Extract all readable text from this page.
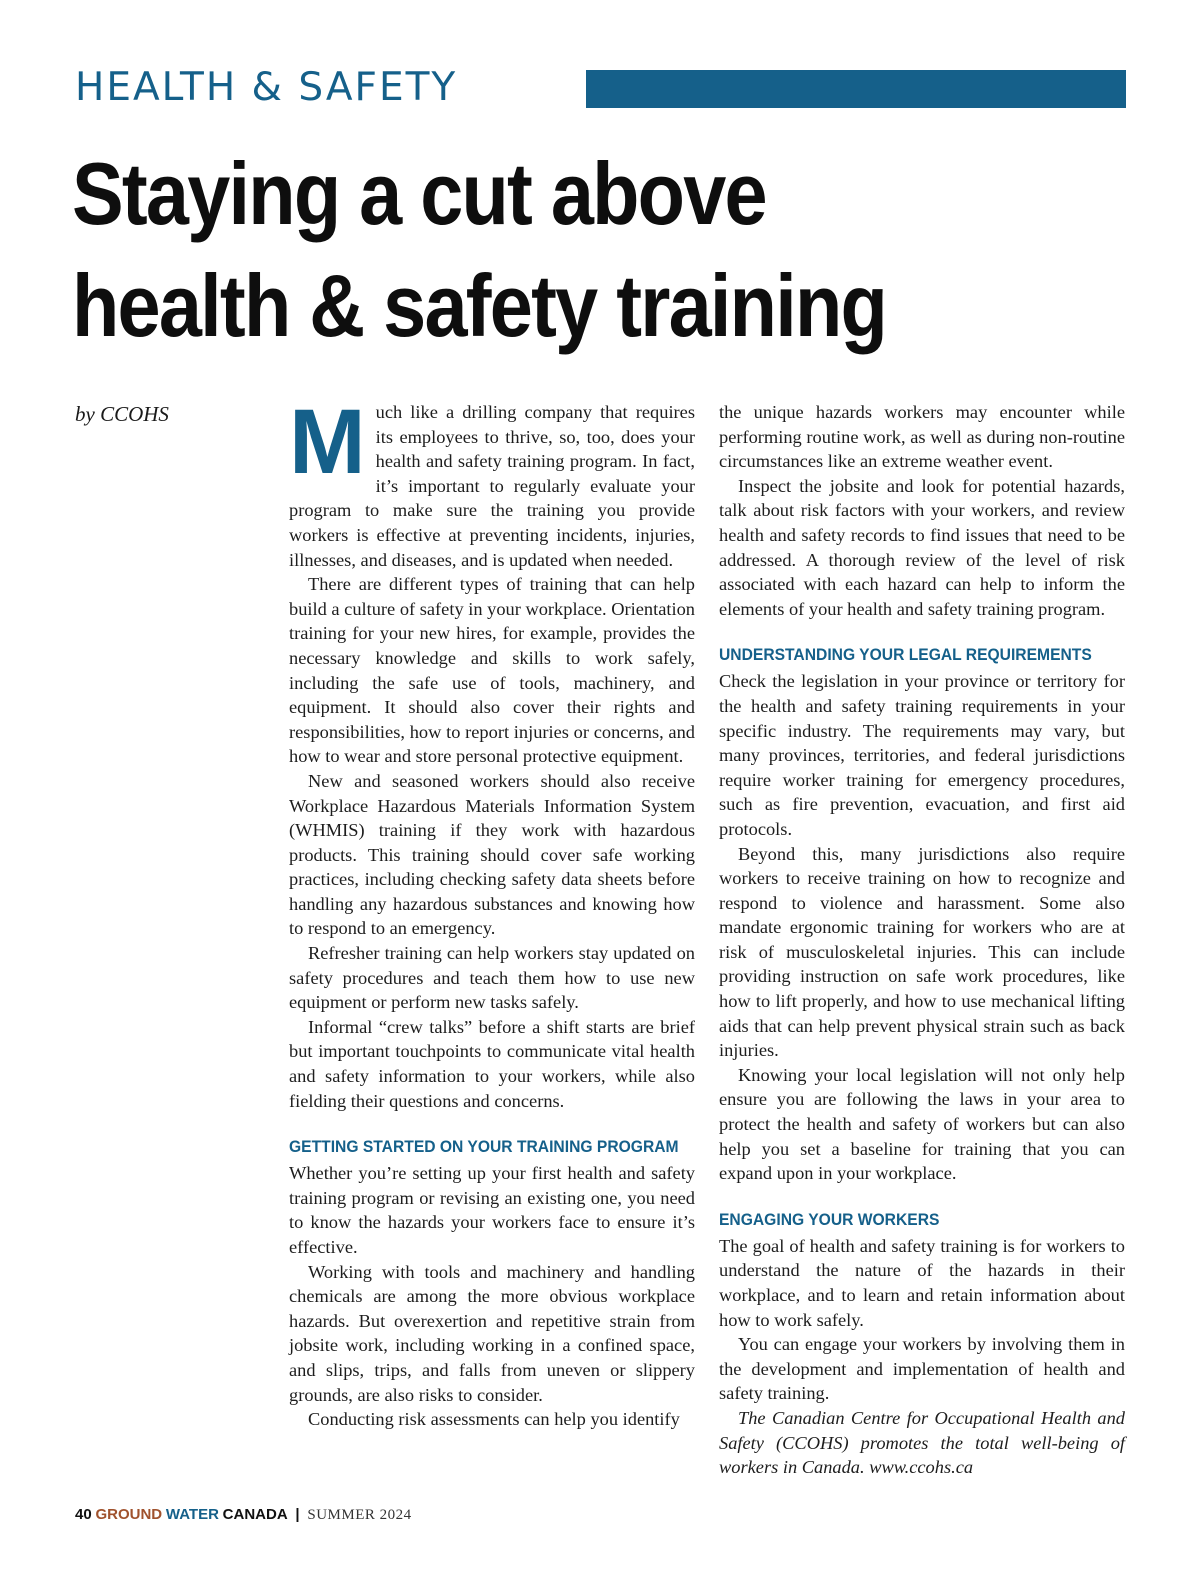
HEALTH & SAFETY
Staying a cut above
health & safety training
by CCOHS Much like a drilling company that requires its employees to thrive, so, too, does your health and safety training program. In fact, it’s important to regularly evaluate your program to make sure the training you provide workers is effective at preventing incidents, injuries, illnesses, and diseases, and is updated when needed.

There are different types of training that can help build a culture of safety in your workplace. Orientation training for your new hires, for example, provides the necessary knowledge and skills to work safely, including the safe use of tools, machinery, and equipment. It should also cover their rights and responsibilities, how to report injuries or concerns, and how to wear and store personal protective equipment.

New and seasoned workers should also receive Workplace Hazardous Materials Information System (WHMIS) training if they work with hazardous products. This training should cover safe working practices, including checking safety data sheets before handling any hazardous substances and knowing how to respond to an emergency.

Refresher training can help workers stay updated on safety procedures and teach them how to use new equipment or perform new tasks safely.

Informal “crew talks” before a shift starts are brief but important touchpoints to communicate vital health and safety information to your workers, while also fielding their questions and concerns.

GETTING STARTED ON YOUR TRAINING PROGRAM

Whether you’re setting up your first health and safety training program or revising an existing one, you need to know the hazards your workers face to ensure it’s effective.

Working with tools and machinery and handling chemicals are among the more obvious workplace hazards. But overexertion and repetitive strain from jobsite work, including working in a confined space, and slips, trips, and falls from uneven or slippery grounds, are also risks to consider.

Conducting risk assessments can help you identify

the unique hazards workers may encounter while performing routine work, as well as during non-routine circumstances like an extreme weather event.

Inspect the jobsite and look for potential hazards, talk about risk factors with your workers, and review health and safety records to find issues that need to be addressed. A thorough review of the level of risk associated with each hazard can help to inform the elements of your health and safety training program.

UNDERSTANDING YOUR LEGAL REQUIREMENTS

Check the legislation in your province or territory for the health and safety training requirements in your specific industry. The requirements may vary, but many provinces, territories, and federal jurisdictions require worker training for emergency procedures, such as fire prevention, evacuation, and first aid protocols.

Beyond this, many jurisdictions also require workers to receive training on how to recognize and respond to violence and harassment. Some also mandate ergonomic training for workers who are at risk of musculoskeletal injuries. This can include providing instruction on safe work procedures, like how to lift properly, and how to use mechanical lifting aids that can help prevent physical strain such as back injuries.

Knowing your local legislation will not only help ensure you are following the laws in your area to protect the health and safety of workers but can also help you set a baseline for training that you can expand upon in your workplace.

ENGAGING YOUR WORKERS

The goal of health and safety training is for workers to understand the nature of the hazards in their workplace, and to learn and retain information about how to work safely.

You can engage your workers by involving them in the development and implementation of health and safety training.

The Canadian Centre for Occupational Health and Safety (CCOHS) promotes the total well-being of workers in Canada. www.ccohs.ca

40 GROUND WATER CANADA | SUMMER 2024
